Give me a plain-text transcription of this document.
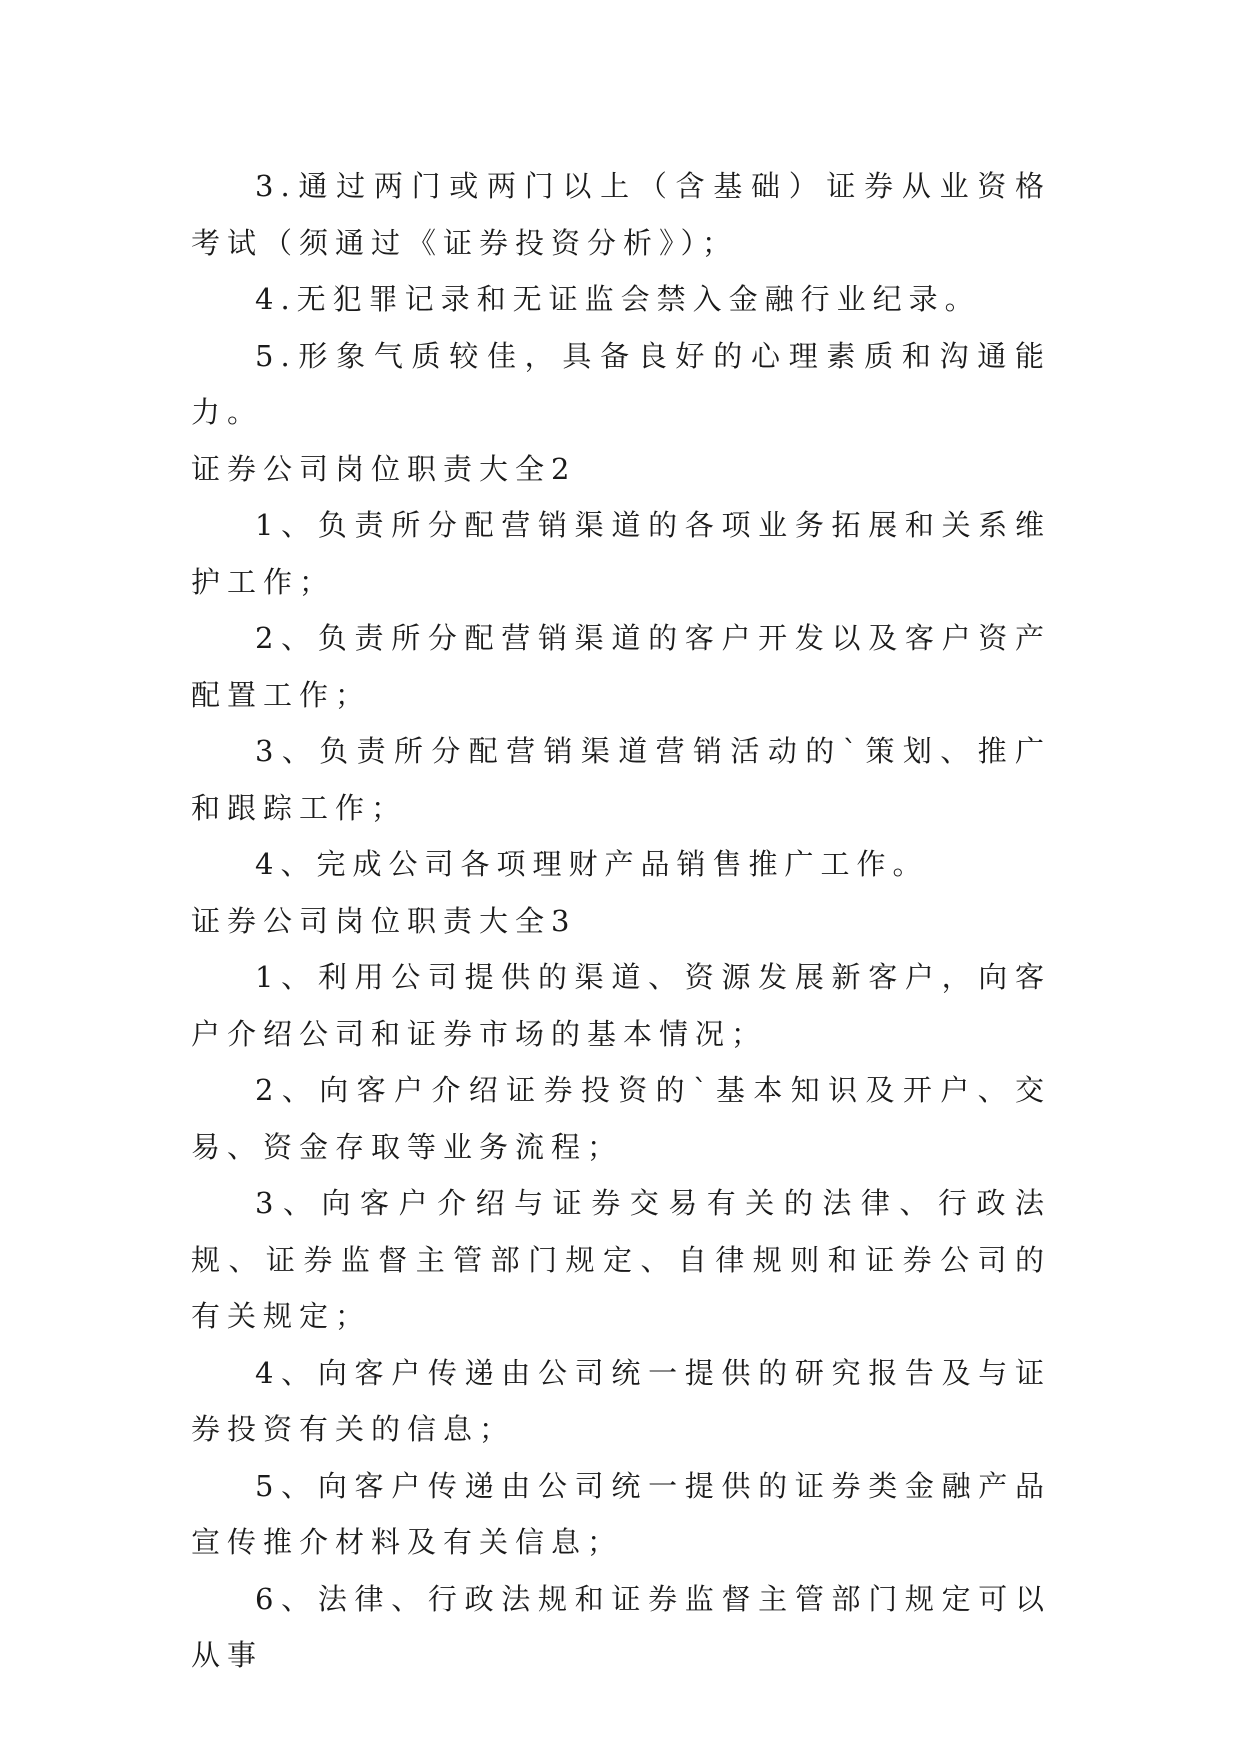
3.通过两门或两门以上（含基础）证券从业资格考试（须通过《证券投资分析》）；

4.无犯罪记录和无证监会禁入金融行业纪录。

5.形象气质较佳，具备良好的心理素质和沟通能力。

证券公司岗位职责大全2

1、负责所分配营销渠道的各项业务拓展和关系维护工作；

2、负责所分配营销渠道的客户开发以及客户资产配置工作；

3、负责所分配营销渠道营销活动的`策划、推广和跟踪工作；

4、完成公司各项理财产品销售推广工作。

证券公司岗位职责大全3

1、利用公司提供的渠道、资源发展新客户，向客户介绍公司和证券市场的基本情况；

2、向客户介绍证券投资的`基本知识及开户、交易、资金存取等业务流程；

3、向客户介绍与证券交易有关的法律、行政法规、证券监督主管部门规定、自律规则和证券公司的有关规定；

4、向客户传递由公司统一提供的研究报告及与证券投资有关的信息；

5、向客户传递由公司统一提供的证券类金融产品宣传推介材料及有关信息；

6、法律、行政法规和证券监督主管部门规定可以从事
